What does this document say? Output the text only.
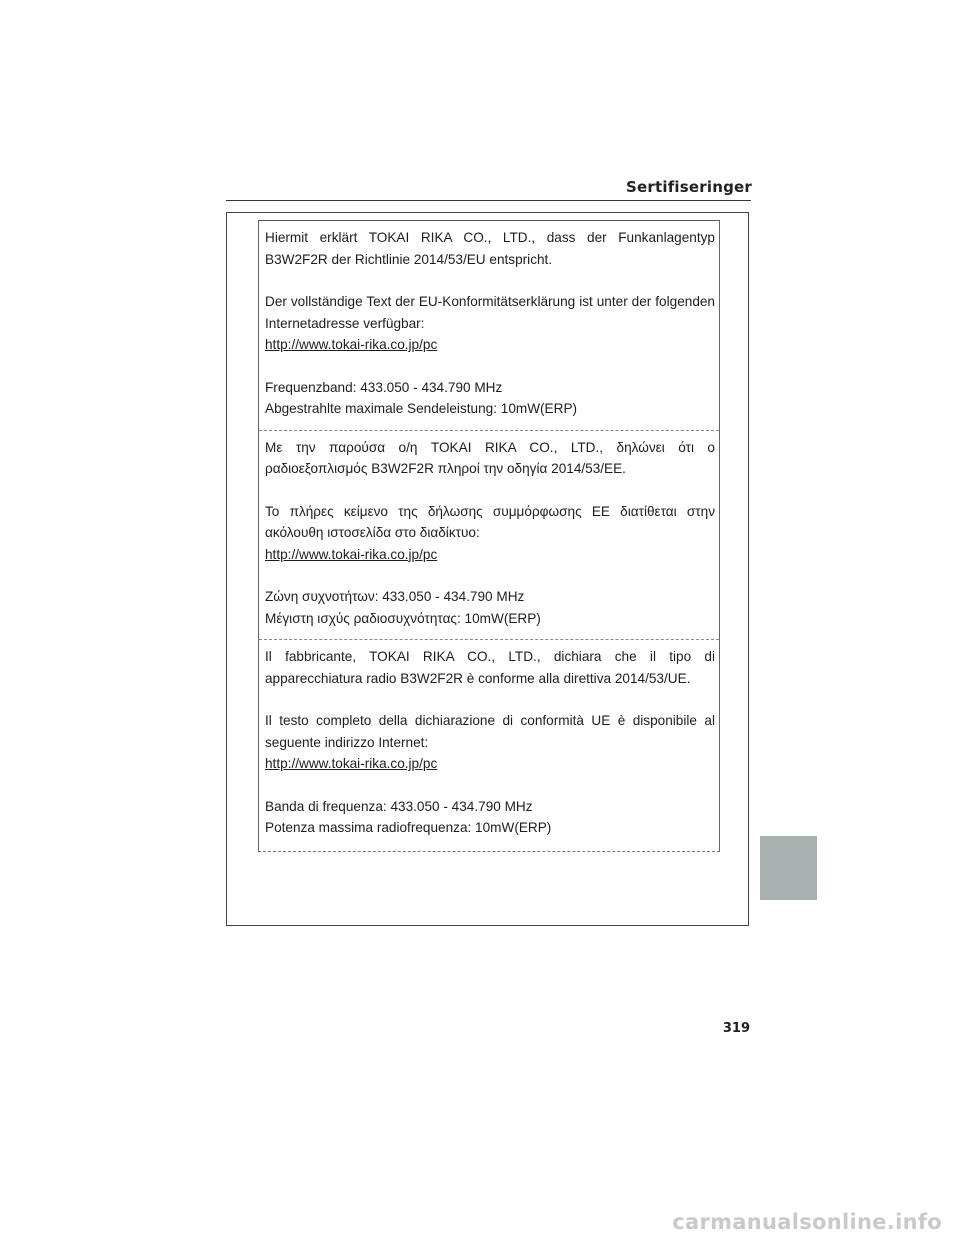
Sertifiseringer

Hiermit erklärt TOKAI RIKA CO., LTD., dass der Funkanlagentyp B3W2F2R der Richtlinie 2014/53/EU entspricht.

Der vollständige Text der EU-Konformitätserklärung ist unter der folgenden Internetadresse verfügbar:
http://www.tokai-rika.co.jp/pc

Frequenzband: 433.050 - 434.790 MHz
Abgestrahlte maximale Sendeleistung: 10mW(ERP)

Με την παρούσα ο/η TOKAI RIKA CO., LTD., δηλώνει ότι ο ραδιοεξοπλισμός B3W2F2R πληροί την οδηγία 2014/53/ΕΕ.

Το πλήρες κείμενο της δήλωσης συμμόρφωσης ΕΕ διατίθεται στην ακόλουθη ιστοσελίδα στο διαδίκτυο:
http://www.tokai-rika.co.jp/pc

Ζώνη συχνοτήτων: 433.050 - 434.790 MHz
Μέγιστη ισχύς ραδιοσυχνότητας: 10mW(ERP)

Il fabbricante, TOKAI RIKA CO., LTD., dichiara che il tipo di apparecchiatura radio B3W2F2R è conforme alla direttiva 2014/53/UE.

Il testo completo della dichiarazione di conformità UE è disponibile al seguente indirizzo Internet:
http://www.tokai-rika.co.jp/pc

Banda di frequenza: 433.050 - 434.790 MHz
Potenza massima radiofrequenza: 10mW(ERP)

319
carmanualsonline.info
